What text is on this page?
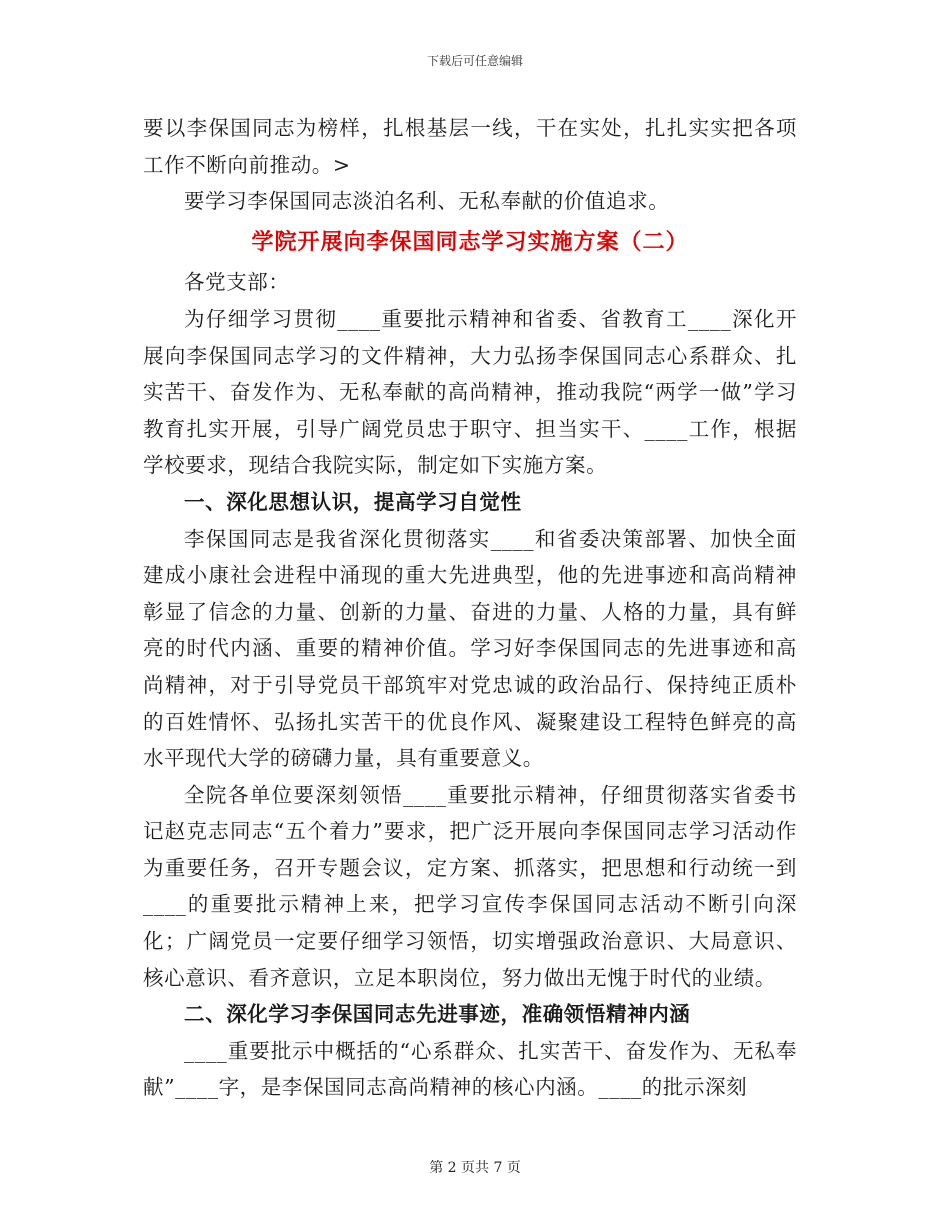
下载后可任意编辑

要以李保国同志为榜样，扎根基层一线，干在实处，扎扎实实把各项工作不断向前推动。>

要学习李保国同志淡泊名利、无私奉献的价值追求。

学院开展向李保国同志学习实施方案（二）

各党支部：

为仔细学习贯彻____重要批示精神和省委、省教育工____深化开展向李保国同志学习的文件精神，大力弘扬李保国同志心系群众、扎实苦干、奋发作为、无私奉献的高尚精神，推动我院“两学一做”学习教育扎实开展，引导广阔党员忠于职守、担当实干、____工作，根据学校要求，现结合我院实际，制定如下实施方案。

一、深化思想认识，提高学习自觉性

李保国同志是我省深化贯彻落实____和省委决策部署、加快全面建成小康社会进程中涌现的重大先进典型，他的先进事迹和高尚精神彰显了信念的力量、创新的力量、奋进的力量、人格的力量，具有鲜亮的时代内涵、重要的精神价值。学习好李保国同志的先进事迹和高尚精神，对于引导党员干部筑牢对党忠诚的政治品行、保持纯正质朴的百姓情怀、弘扬扎实苦干的优良作风、凝聚建设工程特色鲜亮的高水平现代大学的磅礴力量，具有重要意义。

全院各单位要深刻领悟____重要批示精神，仔细贯彻落实省委书记赵克志同志“五个着力”要求，把广泛开展向李保国同志学习活动作为重要任务，召开专题会议，定方案、抓落实，把思想和行动统一到____的重要批示精神上来，把学习宣传李保国同志活动不断引向深化；广阔党员一定要仔细学习领悟，切实增强政治意识、大局意识、核心意识、看齐意识，立足本职岗位，努力做出无愧于时代的业绩。

二、深化学习李保国同志先进事迹，准确领悟精神内涵

____重要批示中概括的“心系群众、扎实苦干、奋发作为、无私奉献”____字，是李保国同志高尚精神的核心内涵。____的批示深刻

第 2 页共 7 页
